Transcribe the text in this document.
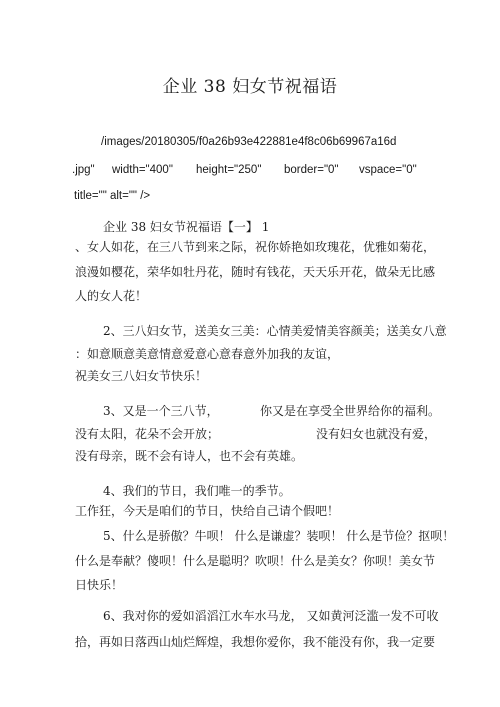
企业 38 妇女节祝福语
/images/20180305/f0a26b93e422881e4f8c06b69967a16d
.jpg" width="400" height="250" border="0" vspace="0"
title="" alt="" />
企业 38 妇女节祝福语【一】 1
、女人如花，在三八节到来之际，祝你娇艳如玫瑰花，优雅如菊花，
浪漫如樱花，荣华如牡丹花，随时有钱花，天天乐开花，做朵无比感
人的女人花！
2、三八妇女节，送美女三美：心情美爱情美容颜美；送美女八意
：如意顺意美意情意爱意心意春意外加我的友谊，
祝美女三八妇女节快乐！
3、又是一个三八节，	你又是在享受全世界给你的福利。
没有太阳，花朵不会开放；	没有妇女也就没有爱，
没有母亲，既不会有诗人，也不会有英雄。
4、我们的节日，我们唯一的季节。
工作狂，今天是咱们的节日，快给自己请个假吧！
5、什么是骄傲？牛呗！ 什么是谦虚？装呗！ 什么是节俭？抠呗！
什么是奉献？傻呗！什么是聪明？吹呗！什么是美女？你呗！美女节
日快乐！
6、我对你的爱如滔滔江水车水马龙， 又如黄河泛滥一发不可收
拾，再如日落西山灿烂辉煌，我想你爱你，我不能没有你，我一定要
